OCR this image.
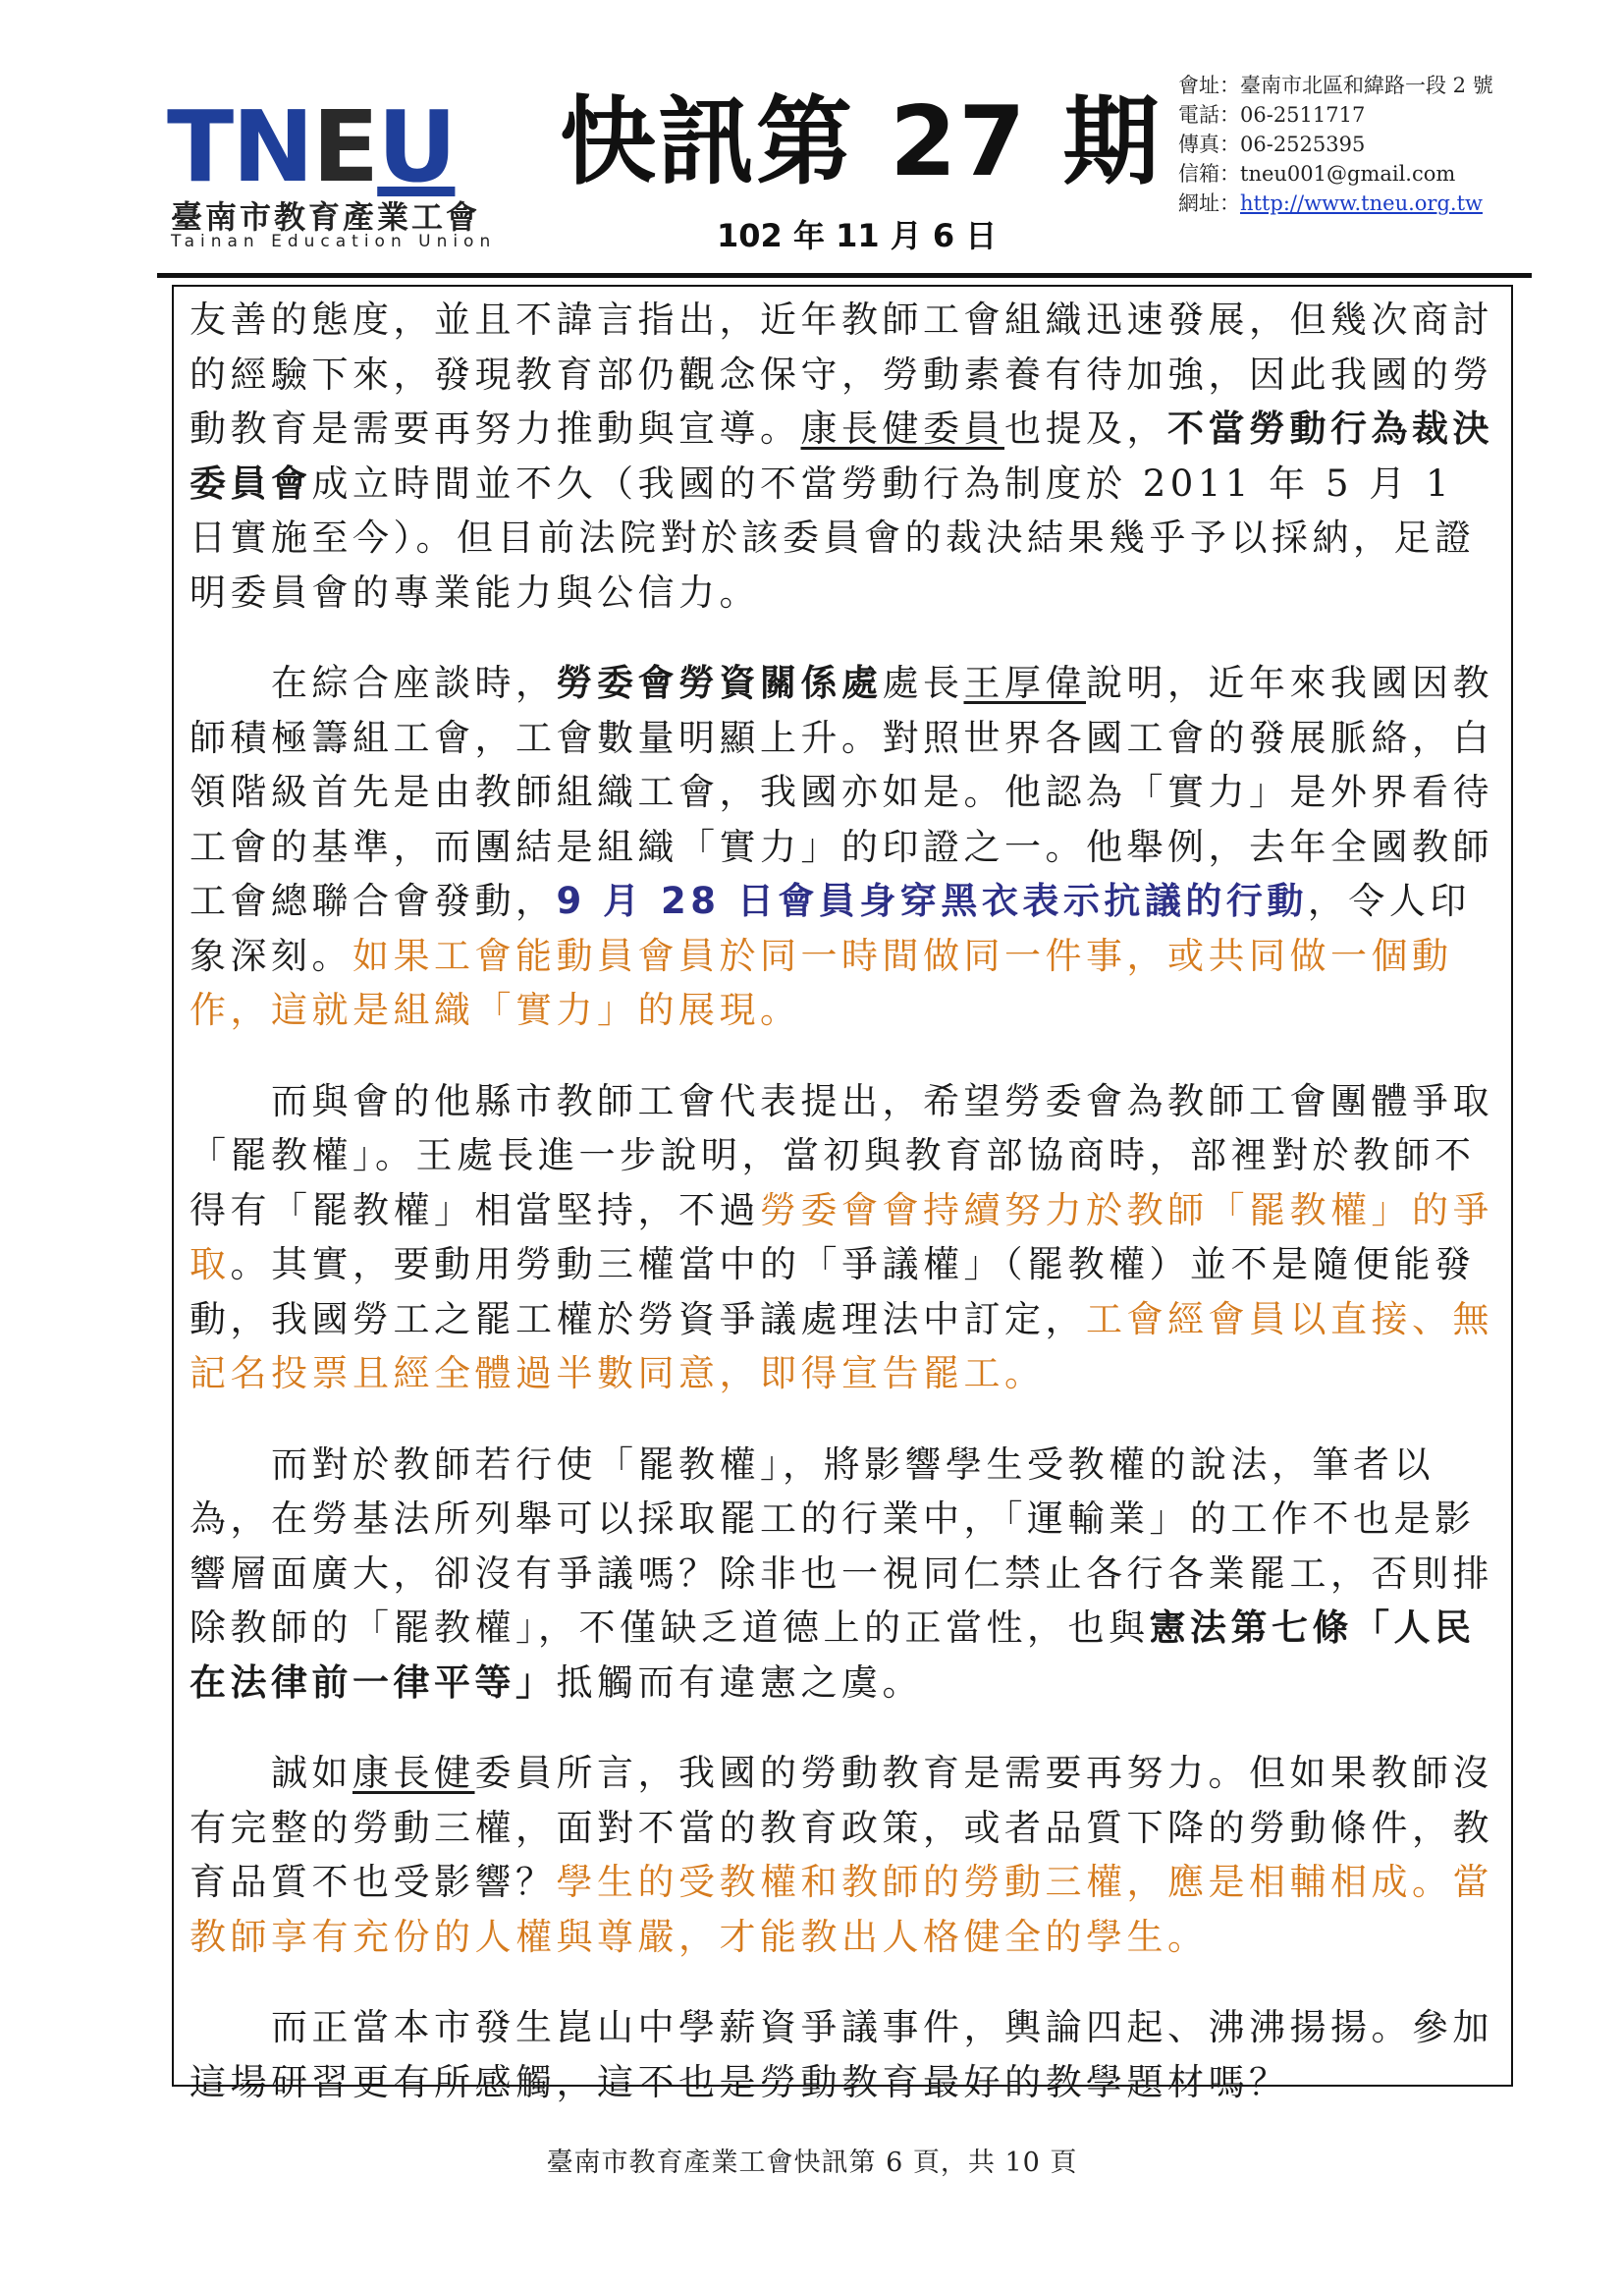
TNEU
臺南市教育產業工會
Tainan Education Union
快訊第 27 期
102 年 11 月 6 日
會址：臺南市北區和緯路一段 2 號
電話：06-2511717
傳真：06-2525395
信箱：tneu001@gmail.com
網址：http://www.tneu.org.tw

友善的態度，並且不諱言指出，近年教師工會組織迅速發展，但幾次商討的經驗下來，發現教育部仍觀念保守，勞動素養有待加強，因此我國的勞動教育是需要再努力推動與宣導。康長健委員也提及，不當勞動行為裁決委員會成立時間並不久（我國的不當勞動行為制度於 2011 年 5 月 1 日實施至今）。但目前法院對於該委員會的裁決結果幾乎予以採納，足證明委員會的專業能力與公信力。

　　在綜合座談時，勞委會勞資關係處處長王厚偉說明，近年來我國因教師積極籌組工會，工會數量明顯上升。對照世界各國工會的發展脈絡，白領階級首先是由教師組織工會，我國亦如是。他認為「實力」是外界看待工會的基準，而團結是組織「實力」的印證之一。他舉例，去年全國教師工會總聯合會發動，9 月 28 日會員身穿黑衣表示抗議的行動，令人印象深刻。如果工會能動員會員於同一時間做同一件事，或共同做一個動作，這就是組織「實力」的展現。

　　而與會的他縣市教師工會代表提出，希望勞委會為教師工會團體爭取「罷教權」。王處長進一步說明，當初與教育部協商時，部裡對於教師不得有「罷教權」相當堅持，不過勞委會會持續努力於教師「罷教權」的爭取。其實，要動用勞動三權當中的「爭議權」（罷教權）並不是隨便能發動，我國勞工之罷工權於勞資爭議處理法中訂定，工會經會員以直接、無記名投票且經全體過半數同意，即得宣告罷工。

　　而對於教師若行使「罷教權」，將影響學生受教權的說法，筆者以為，在勞基法所列舉可以採取罷工的行業中，「運輸業」的工作不也是影響層面廣大，卻沒有爭議嗎？除非也一視同仁禁止各行各業罷工，否則排除教師的「罷教權」，不僅缺乏道德上的正當性，也與憲法第七條「人民在法律前一律平等」抵觸而有違憲之虞。

　　誠如康長健委員所言，我國的勞動教育是需要再努力。但如果教師沒有完整的勞動三權，面對不當的教育政策，或者品質下降的勞動條件，教育品質不也受影響？學生的受教權和教師的勞動三權，應是相輔相成。當教師享有充份的人權與尊嚴，才能教出人格健全的學生。

　　而正當本市發生崑山中學薪資爭議事件，輿論四起、沸沸揚揚。參加這場研習更有所感觸，這不也是勞動教育最好的教學題材嗎？

臺南市教育產業工會快訊第 6 頁，共 10 頁
